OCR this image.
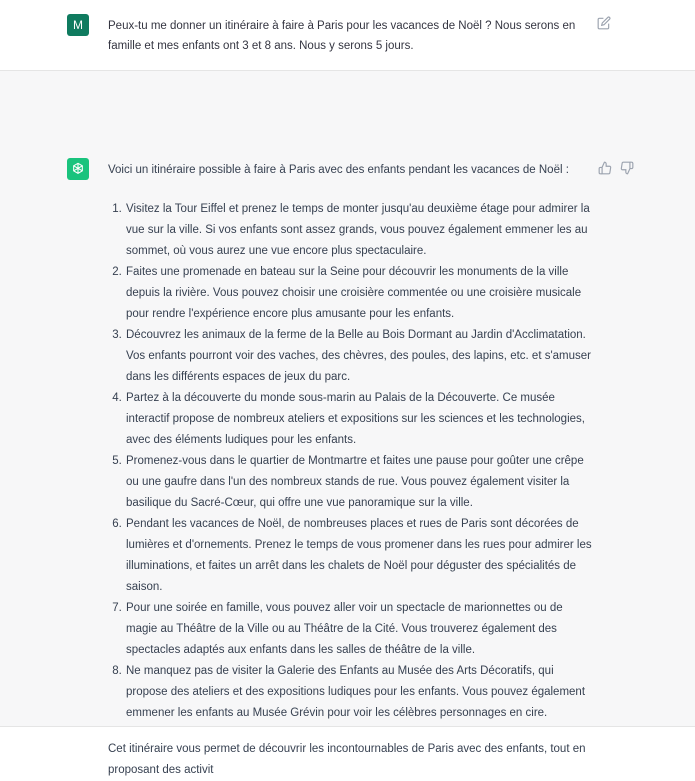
M	Peux-tu me donner un itinéraire à faire à Paris pour les vacances de Noël ? Nous serons en famille et mes enfants ont 3 et 8 ans. Nous y serons 5 jours.

Voici un itinéraire possible à faire à Paris avec des enfants pendant les vacances de Noël :

1. Visitez la Tour Eiffel et prenez le temps de monter jusqu'au deuxième étage pour admirer la vue sur la ville. Si vos enfants sont assez grands, vous pouvez également emmener les au sommet, où vous aurez une vue encore plus spectaculaire.
2. Faites une promenade en bateau sur la Seine pour découvrir les monuments de la ville depuis la rivière. Vous pouvez choisir une croisière commentée ou une croisière musicale pour rendre l'expérience encore plus amusante pour les enfants.
3. Découvrez les animaux de la ferme de la Belle au Bois Dormant au Jardin d'Acclimatation. Vos enfants pourront voir des vaches, des chèvres, des poules, des lapins, etc. et s'amuser dans les différents espaces de jeux du parc.
4. Partez à la découverte du monde sous-marin au Palais de la Découverte. Ce musée interactif propose de nombreux ateliers et expositions sur les sciences et les technologies, avec des éléments ludiques pour les enfants.
5. Promenez-vous dans le quartier de Montmartre et faites une pause pour goûter une crêpe ou une gaufre dans l'un des nombreux stands de rue. Vous pouvez également visiter la basilique du Sacré-Cœur, qui offre une vue panoramique sur la ville.
6. Pendant les vacances de Noël, de nombreuses places et rues de Paris sont décorées de lumières et d'ornements. Prenez le temps de vous promener dans les rues pour admirer les illuminations, et faites un arrêt dans les chalets de Noël pour déguster des spécialités de saison.
7. Pour une soirée en famille, vous pouvez aller voir un spectacle de marionnettes ou de magie au Théâtre de la Ville ou au Théâtre de la Cité. Vous trouverez également des spectacles adaptés aux enfants dans les salles de théâtre de la ville.
8. Ne manquez pas de visiter la Galerie des Enfants au Musée des Arts Décoratifs, qui propose des ateliers et des expositions ludiques pour les enfants. Vous pouvez également emmener les enfants au Musée Grévin pour voir les célèbres personnages en cire.

Cet itinéraire vous permet de découvrir les incontournables de Paris avec des enfants, tout en proposant des activit
